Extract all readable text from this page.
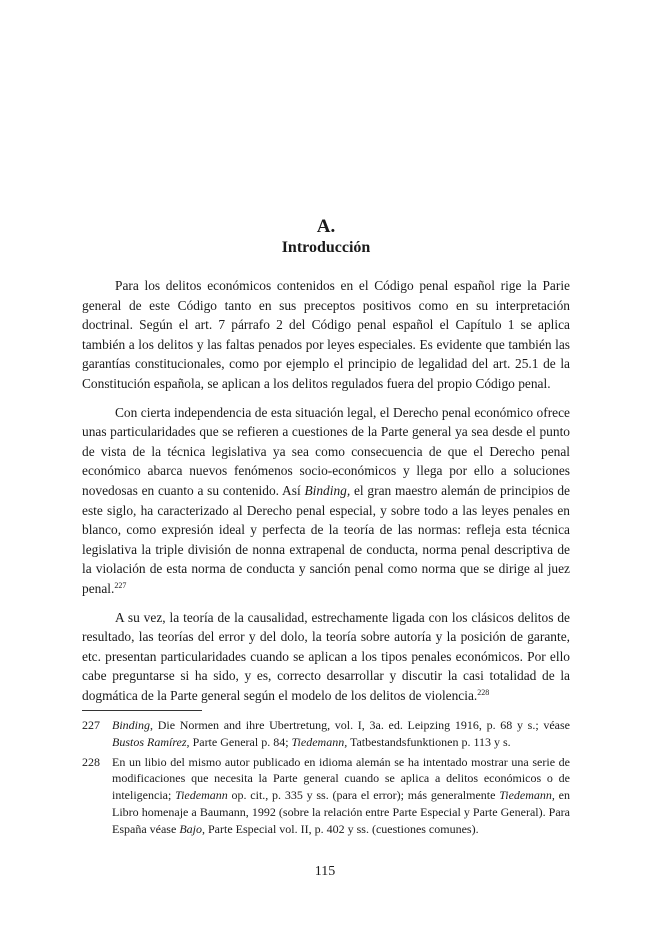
A.
Introducción

Para los delitos económicos contenidos en el Código penal español rige la Parie general de este Código tanto en sus preceptos positivos como en su interpretación doctrinal. Según el art. 7 párrafo 2 del Código penal español el Capítulo 1 se aplica también a los delitos y las faltas penados por leyes especiales. Es evidente que también las garantías constitucionales, como por ejemplo el principio de legalidad del art. 25.1 de la Constitución española, se aplican a los delitos regulados fuera del propio Código penal.

Con cierta independencia de esta situación legal, el Derecho penal económico ofrece unas particularidades que se refieren a cuestiones de la Parte general ya sea desde el punto de vista de la técnica legislativa ya sea como consecuencia de que el Derecho penal económico abarca nuevos fenómenos socio-económicos y llega por ello a soluciones novedosas en cuanto a su contenido. Así Binding, el gran maestro alemán de principios de este siglo, ha caracterizado al Derecho penal especial, y sobre todo a las leyes penales en blanco, como expresión ideal y perfecta de la teoría de las normas: refleja esta técnica legislativa la triple división de nonna extrapenal de conducta, norma penal descriptiva de la violación de esta norma de conducta y sanción penal como norma que se dirige al juez penal.$^{227}$

A su vez, la teoría de la causalidad, estrechamente ligada con los clásicos delitos de resultado, las teorías del error y del dolo, la teoría sobre autoría y la posición de garante, etc. presentan particularidades cuando se aplican a los tipos penales económicos. Por ello cabe preguntarse si ha sido, y es, correcto desarrollar y discutir la casi totalidad de la dogmática de la Parte general según el modelo de los delitos de violencia.$^{228}$

227	Binding, Die Normen and ihre Ubertretung, vol. I, 3a. ed. Leipzing 1916, p. 68 y s.; véase Bustos Ramírez, Parte General p. 84; Tiedemann, Tatbestandsfunktionen p. 113 y s.
228	En un libio del mismo autor publicado en idioma alemán se ha intentado mostrar una serie de modificaciones que necesita la Parte general cuando se aplica a delitos económicos o de inteligencia; Tiedemann op. cit., p. 335 y ss. (para el error); más generalmente Tiedemann, en Libro homenaje a Baumann, 1992 (sobre la relación entre Parte Especial y Parte General). Para España véase Bajo, Parte Especial vol. II, p. 402 y ss. (cuestiones comunes).
115
